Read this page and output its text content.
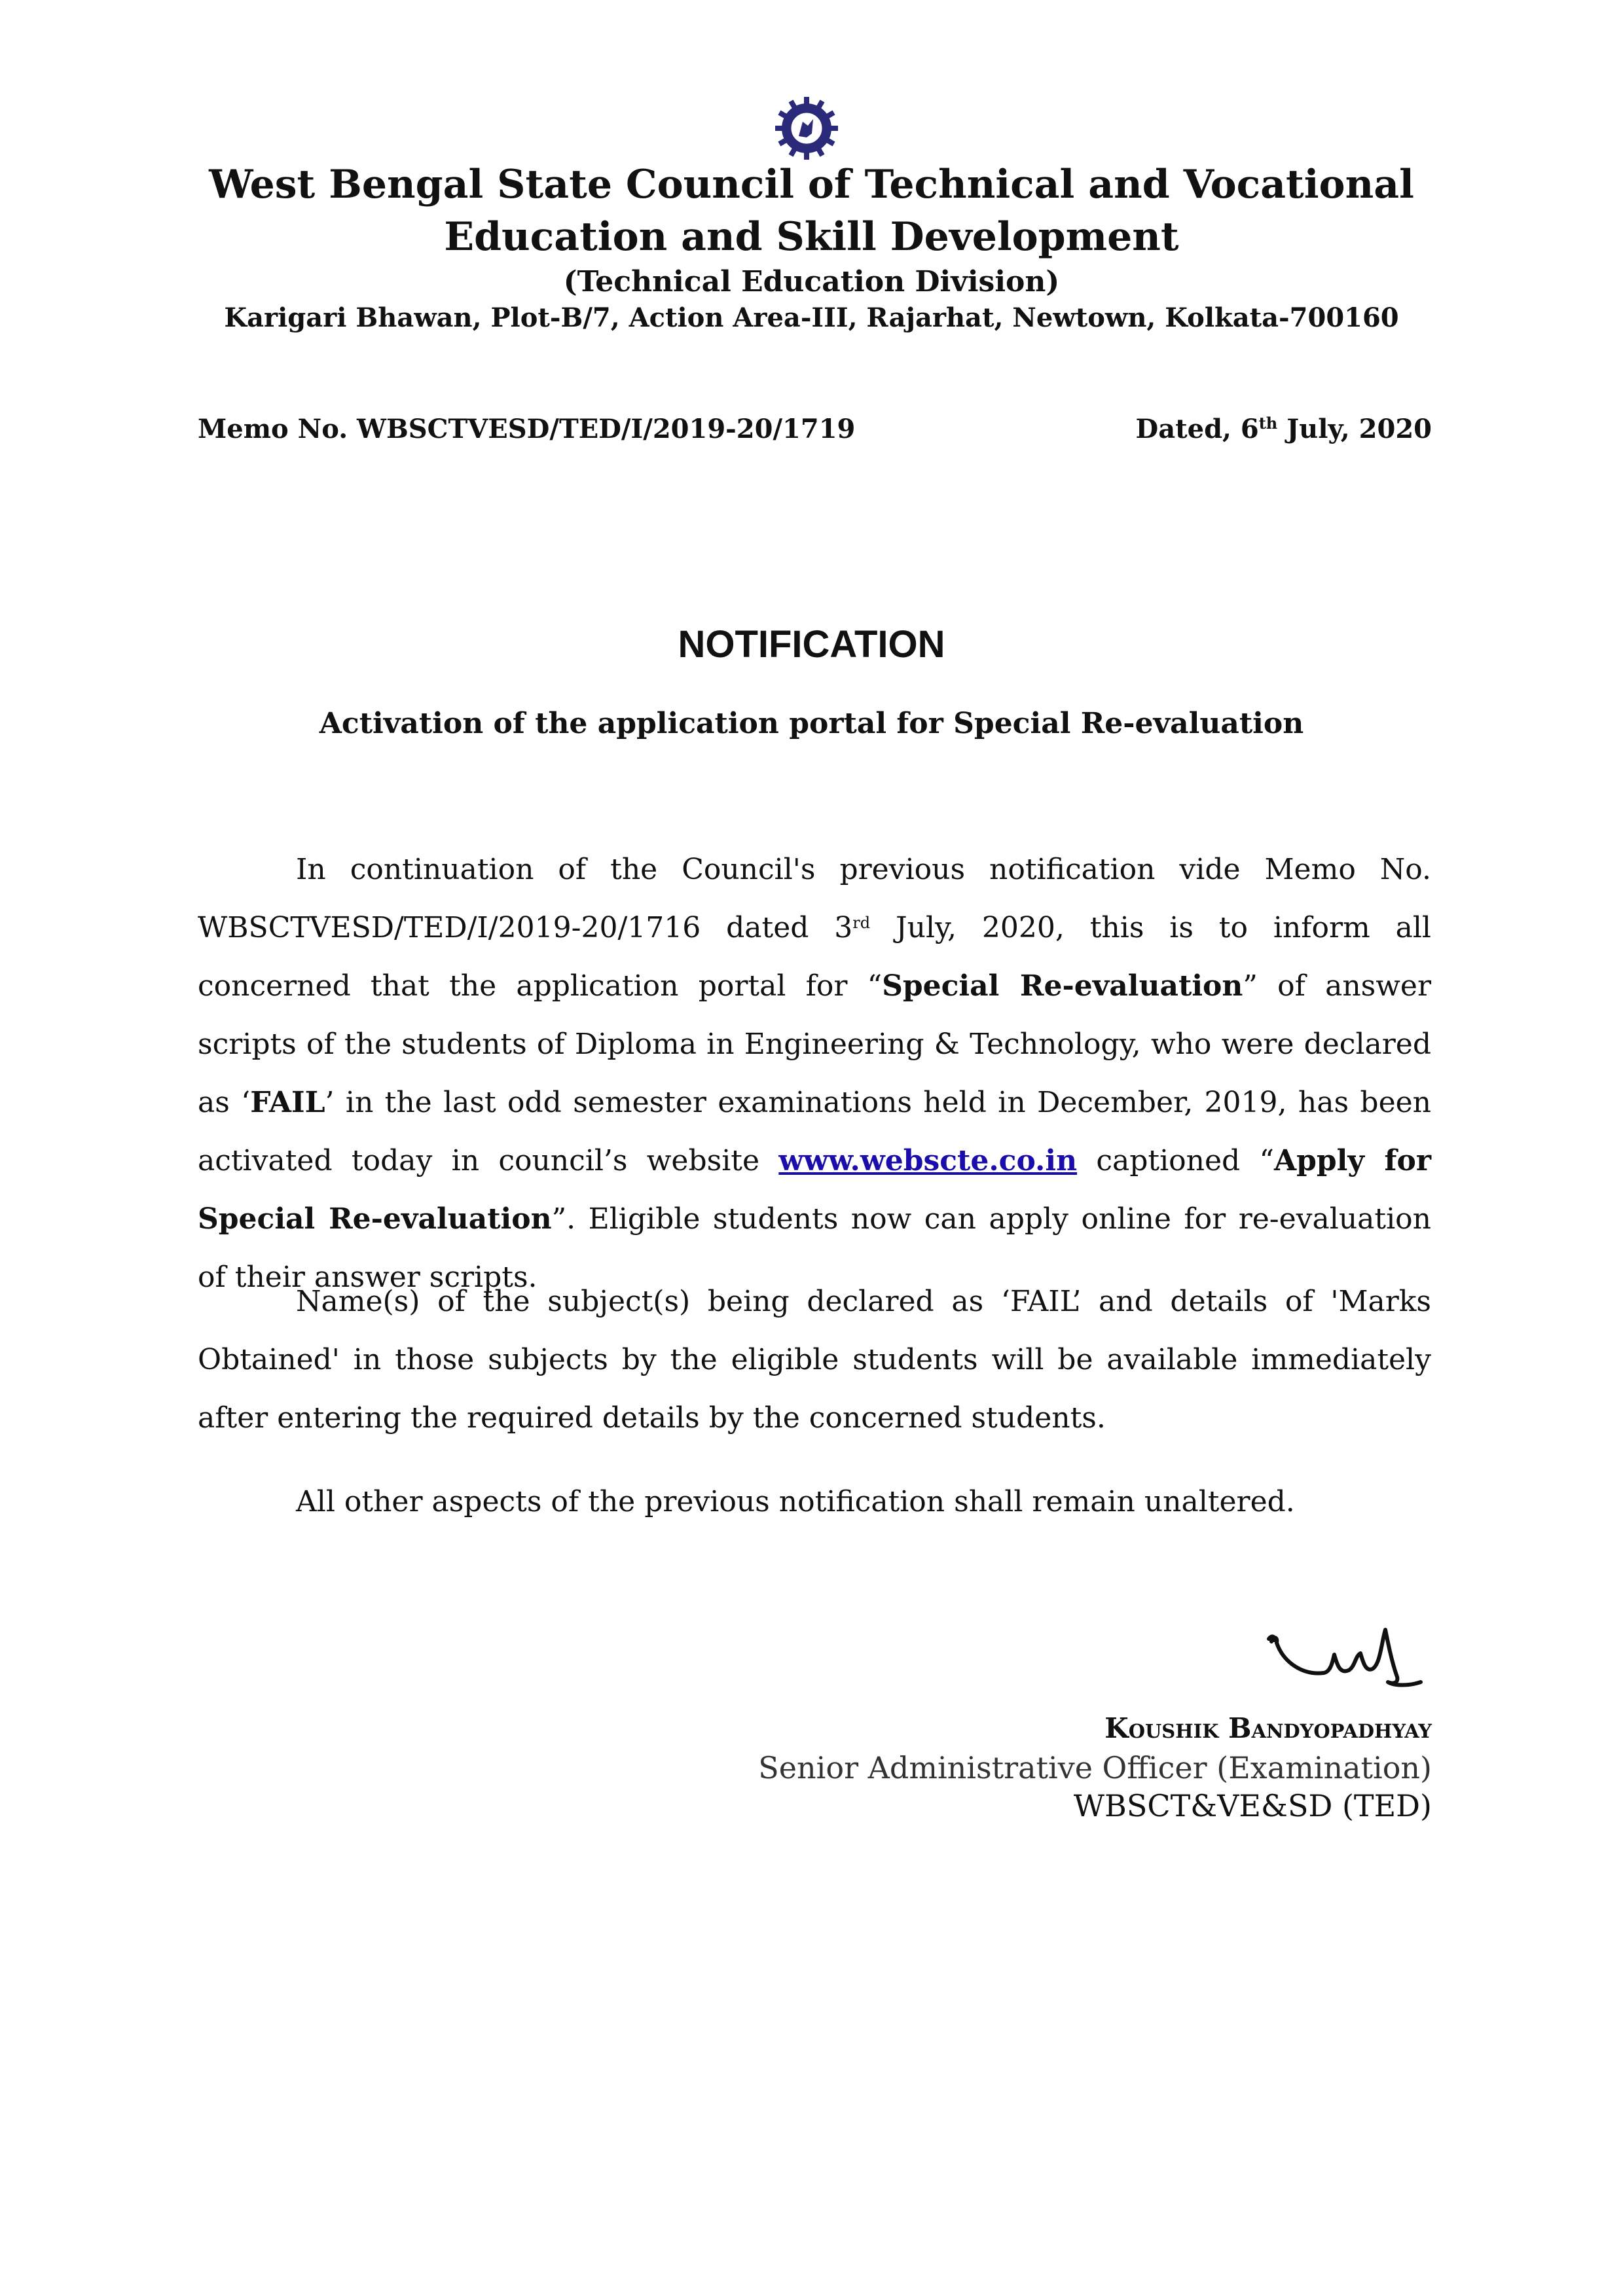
West Bengal State Council of Technical and Vocational
Education and Skill Development
(Technical Education Division)
Karigari Bhawan, Plot-B/7, Action Area-III, Rajarhat, Newtown, Kolkata-700160
Memo No. WBSCTVESD/TED/I/2019-20/1719	Dated, 6th July, 2020
NOTIFICATION
Activation of the application portal for Special Re-evaluation
In continuation of the Council's previous notification vide Memo No. WBSCTVESD/TED/I/2019-20/1716 dated 3rd July, 2020, this is to inform all concerned that the application portal for “Special Re-evaluation” of answer scripts of the students of Diploma in Engineering & Technology, who were declared as ‘FAIL’ in the last odd semester examinations held in December, 2019, has been activated today in council’s website www.webscte.co.in captioned “Apply for Special Re-evaluation”. Eligible students now can apply online for re-evaluation of their answer scripts.
Name(s) of the subject(s) being declared as ‘FAIL’ and details of 'Marks Obtained' in those subjects by the eligible students will be available immediately after entering the required details by the concerned students.
All other aspects of the previous notification shall remain unaltered.
Koushik Bandyopadhyay
Senior Administrative Officer (Examination)
WBSCT&VE&SD (TED)
